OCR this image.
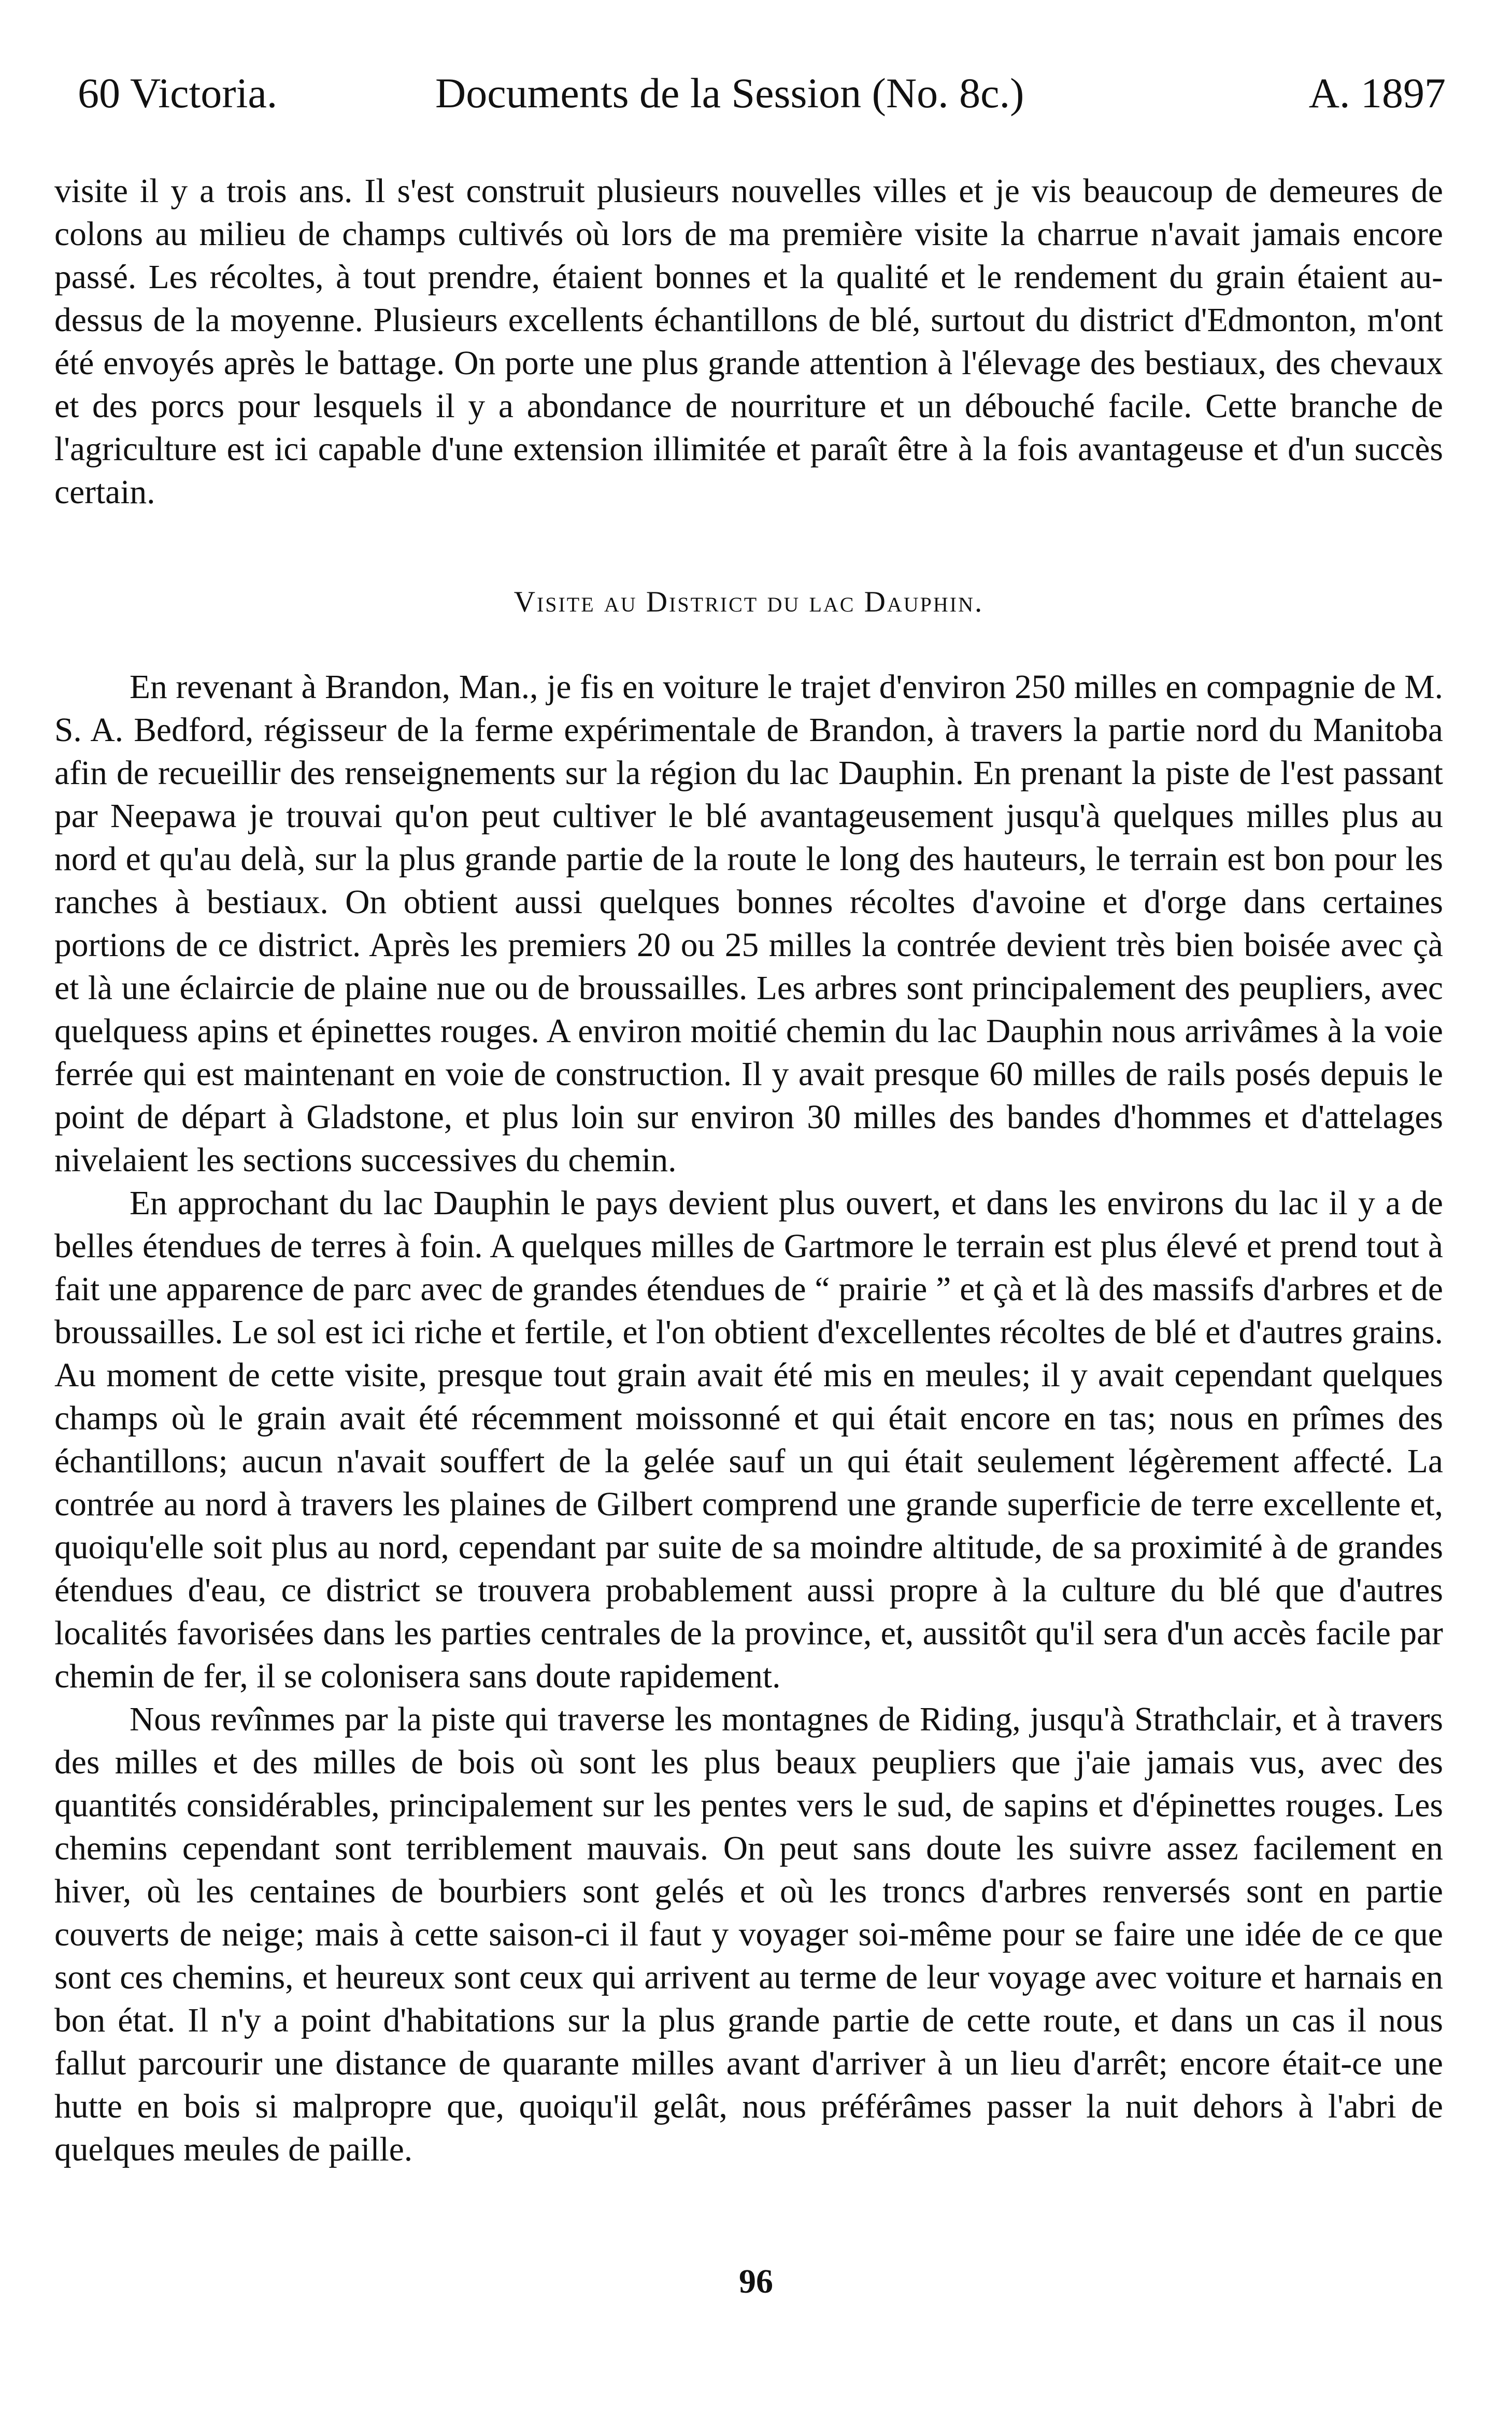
60 Victoria.	Documents de la Session (No. 8c.)	A. 1897

visite il y a trois ans. Il s'est construit plusieurs nouvelles villes et je vis beaucoup de demeures de colons au milieu de champs cultivés où lors de ma première visite la charrue n'avait jamais encore passé. Les récoltes, à tout prendre, étaient bonnes et la qualité et le rendement du grain étaient au-dessus de la moyenne. Plusieurs excellents échantillons de blé, surtout du district d'Edmonton, m'ont été envoyés après le battage. On porte une plus grande attention à l'élevage des bestiaux, des chevaux et des porcs pour lesquels il y a abondance de nourriture et un débouché facile. Cette branche de l'agriculture est ici capable d'une extension illimitée et paraît être à la fois avantageuse et d'un succès certain.

Visite au District du lac Dauphin.

En revenant à Brandon, Man., je fis en voiture le trajet d'environ 250 milles en compagnie de M. S. A. Bedford, régisseur de la ferme expérimentale de Brandon, à travers la partie nord du Manitoba afin de recueillir des renseignements sur la région du lac Dauphin. En prenant la piste de l'est passant par Neepawa je trouvai qu'on peut cultiver le blé avantageusement jusqu'à quelques milles plus au nord et qu'au delà, sur la plus grande partie de la route le long des hauteurs, le terrain est bon pour les ranches à bestiaux. On obtient aussi quelques bonnes récoltes d'avoine et d'orge dans certaines portions de ce district. Après les premiers 20 ou 25 milles la contrée devient très bien boisée avec çà et là une éclaircie de plaine nue ou de broussailles. Les arbres sont principalement des peupliers, avec quelquess apins et épinettes rouges. A environ moitié chemin du lac Dauphin nous arrivâmes à la voie ferrée qui est maintenant en voie de construction. Il y avait presque 60 milles de rails posés depuis le point de départ à Gladstone, et plus loin sur environ 30 milles des bandes d'hommes et d'attelages nivelaient les sections successives du chemin.

En approchant du lac Dauphin le pays devient plus ouvert, et dans les environs du lac il y a de belles étendues de terres à foin. A quelques milles de Gartmore le terrain est plus élevé et prend tout à fait une apparence de parc avec de grandes étendues de “ prairie ” et çà et là des massifs d'arbres et de broussailles. Le sol est ici riche et fertile, et l'on obtient d'excellentes récoltes de blé et d'autres grains. Au moment de cette visite, presque tout grain avait été mis en meules; il y avait cependant quelques champs où le grain avait été récemment moissonné et qui était encore en tas; nous en prîmes des échantillons; aucun n'avait souffert de la gelée sauf un qui était seulement légèrement affecté. La contrée au nord à travers les plaines de Gilbert comprend une grande superficie de terre excellente et, quoiqu'elle soit plus au nord, cependant par suite de sa moindre altitude, de sa proximité à de grandes étendues d'eau, ce district se trouvera probablement aussi propre à la culture du blé que d'autres localités favorisées dans les parties centrales de la province, et, aussitôt qu'il sera d'un accès facile par chemin de fer, il se colonisera sans doute rapidement.

Nous revînmes par la piste qui traverse les montagnes de Riding, jusqu'à Strathclair, et à travers des milles et des milles de bois où sont les plus beaux peupliers que j'aie jamais vus, avec des quantités considérables, principalement sur les pentes vers le sud, de sapins et d'épinettes rouges. Les chemins cependant sont terriblement mauvais. On peut sans doute les suivre assez facilement en hiver, où les centaines de bourbiers sont gelés et où les troncs d'arbres renversés sont en partie couverts de neige; mais à cette saison-ci il faut y voyager soi-même pour se faire une idée de ce que sont ces chemins, et heureux sont ceux qui arrivent au terme de leur voyage avec voiture et harnais en bon état. Il n'y a point d'habitations sur la plus grande partie de cette route, et dans un cas il nous fallut parcourir une distance de quarante milles avant d'arriver à un lieu d'arrêt; encore était-ce une hutte en bois si malpropre que, quoiqu'il gelât, nous préférâmes passer la nuit dehors à l'abri de quelques meules de paille.

96
